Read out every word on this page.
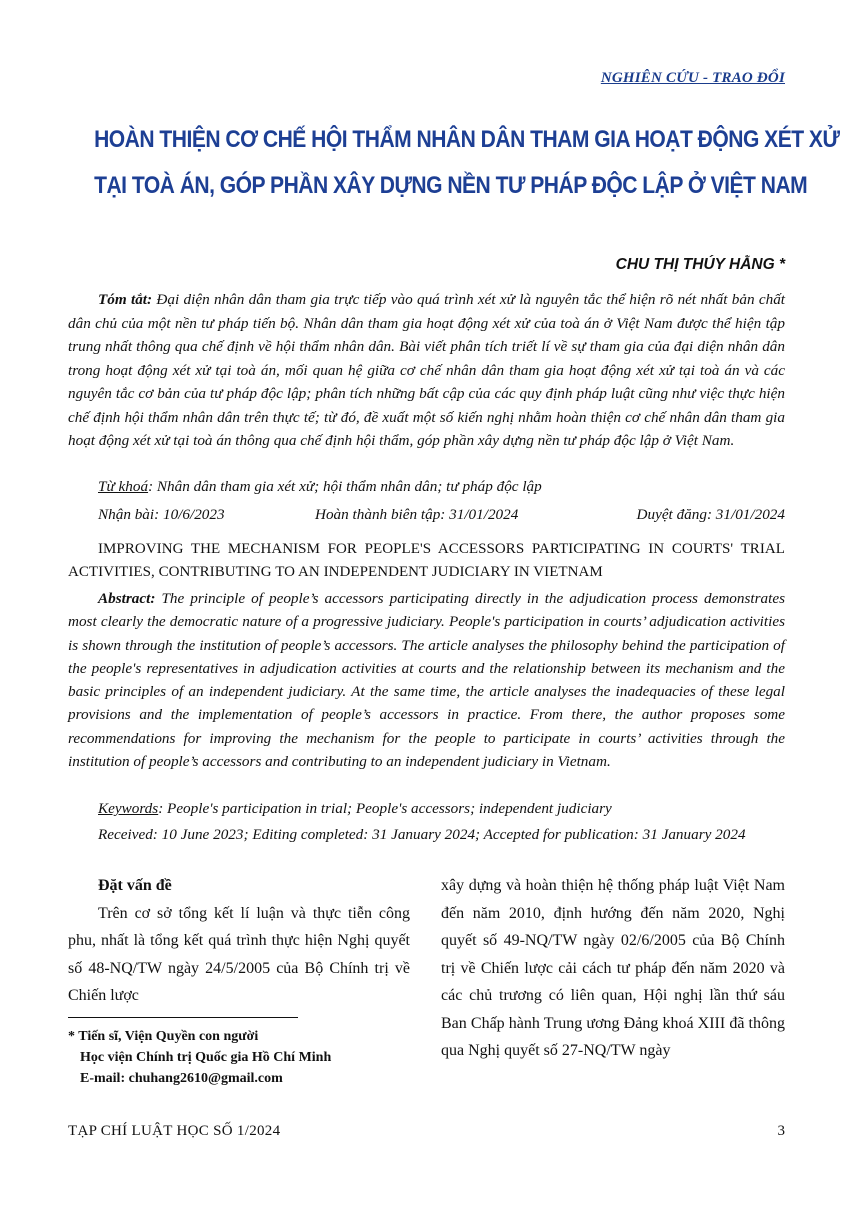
NGHIÊN CỨU - TRAO ĐỔI
HOÀN THIỆN CƠ CHẾ HỘI THẨM NHÂN DÂN THAM GIA HOẠT ĐỘNG XÉT XỬ
TẠI TOÀ ÁN, GÓP PHẦN XÂY DỰNG NỀN TƯ PHÁP ĐỘC LẬP Ở VIỆT NAM
CHU THỊ THÚY HẰNG *
Tóm tắt: Đại diện nhân dân tham gia trực tiếp vào quá trình xét xử là nguyên tắc thể hiện rõ nét nhất bản chất dân chủ của một nền tư pháp tiến bộ. Nhân dân tham gia hoạt động xét xử của toà án ở Việt Nam được thể hiện tập trung nhất thông qua chế định về hội thẩm nhân dân. Bài viết phân tích triết lí về sự tham gia của đại diện nhân dân trong hoạt động xét xử tại toà án, mối quan hệ giữa cơ chế nhân dân tham gia hoạt động xét xử tại toà án và các nguyên tắc cơ bản của tư pháp độc lập; phân tích những bất cập của các quy định pháp luật cũng như việc thực hiện chế định hội thẩm nhân dân trên thực tế; từ đó, đề xuất một số kiến nghị nhằm hoàn thiện cơ chế nhân dân tham gia hoạt động xét xử tại toà án thông qua chế định hội thẩm, góp phần xây dựng nền tư pháp độc lập ở Việt Nam.
Từ khoá: Nhân dân tham gia xét xử; hội thẩm nhân dân; tư pháp độc lập
Nhận bài: 10/6/2023	Hoàn thành biên tập: 31/01/2024	Duyệt đăng: 31/01/2024
IMPROVING THE MECHANISM FOR PEOPLE'S ACCESSORS PARTICIPATING IN COURTS' TRIAL ACTIVITIES, CONTRIBUTING TO AN INDEPENDENT JUDICIARY IN VIETNAM
Abstract: The principle of people’s accessors participating directly in the adjudication process demonstrates most clearly the democratic nature of a progressive judiciary. People's participation in courts’ adjudication activities is shown through the institution of people’s accessors. The article analyses the philosophy behind the participation of the people's representatives in adjudication activities at courts and the relationship between its mechanism and the basic principles of an independent judiciary. At the same time, the article analyses the inadequacies of these legal provisions and the implementation of people’s accessors in practice. From there, the author proposes some recommendations for improving the mechanism for the people to participate in courts’ activities through the institution of people’s accessors and contributing to an independent judiciary in Vietnam.
Keywords: People's participation in trial; People's accessors; independent judiciary
Received: 10 June 2023; Editing completed: 31 January 2024; Accepted for publication: 31 January 2024
Đặt vấn đề
Trên cơ sở tổng kết lí luận và thực tiễn công phu, nhất là tổng kết quá trình thực hiện Nghị quyết số 48-NQ/TW ngày 24/5/2005 của Bộ Chính trị về Chiến lược
xây dựng và hoàn thiện hệ thống pháp luật Việt Nam đến năm 2010, định hướng đến năm 2020, Nghị quyết số 49-NQ/TW ngày 02/6/2005 của Bộ Chính trị về Chiến lược cải cách tư pháp đến năm 2020 và các chủ trương có liên quan, Hội nghị lần thứ sáu Ban Chấp hành Trung ương Đảng khoá XIII đã thông qua Nghị quyết số 27-NQ/TW ngày
* Tiến sĩ, Viện Quyền con người
Học viện Chính trị Quốc gia Hồ Chí Minh
E-mail: chuhang2610@gmail.com
TẠP CHÍ LUẬT HỌC SỐ 1/2024	3
